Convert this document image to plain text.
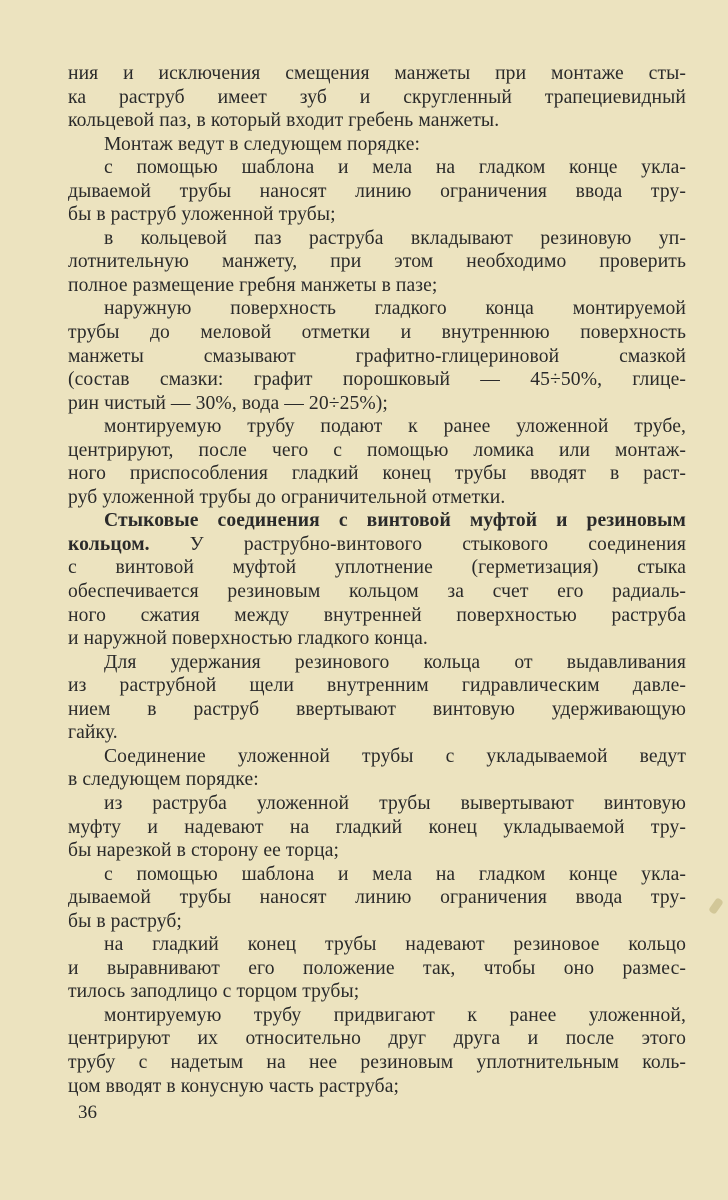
ния и исключения смещения манжеты при монтаже сты-
ка раструб имеет зуб и скругленный трапециевидный
кольцевой паз, в который входит гребень манжеты.
Монтаж ведут в следующем порядке:
с помощью шаблона и мела на гладком конце укла-
дываемой трубы наносят линию ограничения ввода тру-
бы в раструб уложенной трубы;
в кольцевой паз раструба вкладывают резиновую уп-
лотнительную манжету, при этом необходимо проверить
полное размещение гребня манжеты в пазе;
наружную поверхность гладкого конца монтируемой
трубы до меловой отметки и внутреннюю поверхность
манжеты смазывают графитно-глицериновой смазкой
(состав смазки: графит порошковый — 45÷50%, глице-
рин чистый — 30%, вода — 20÷25%);
монтируемую трубу подают к ранее уложенной трубе,
центрируют, после чего с помощью ломика или монтаж-
ного приспособления гладкий конец трубы вводят в раст-
руб уложенной трубы до ограничительной отметки.
Стыковые соединения с винтовой муфтой и резиновым
кольцом. У раструбно-винтового стыкового соединения
с винтовой муфтой уплотнение (герметизация) стыка
обеспечивается резиновым кольцом за счет его радиаль-
ного сжатия между внутренней поверхностью раструба
и наружной поверхностью гладкого конца.
Для удержания резинового кольца от выдавливания
из раструбной щели внутренним гидравлическим давле-
нием в раструб ввертывают винтовую удерживающую
гайку.
Соединение уложенной трубы с укладываемой ведут
в следующем порядке:
из раструба уложенной трубы вывертывают винтовую
муфту и надевают на гладкий конец укладываемой тру-
бы нарезкой в сторону ее торца;
с помощью шаблона и мела на гладком конце укла-
дываемой трубы наносят линию ограничения ввода тру-
бы в раструб;
на гладкий конец трубы надевают резиновое кольцо
и выравнивают его положение так, чтобы оно размес-
тилось заподлицо с торцом трубы;
монтируемую трубу придвигают к ранее уложенной,
центрируют их относительно друг друга и после этого
трубу с надетым на нее резиновым уплотнительным коль-
цом вводят в конусную часть раструба;
36
